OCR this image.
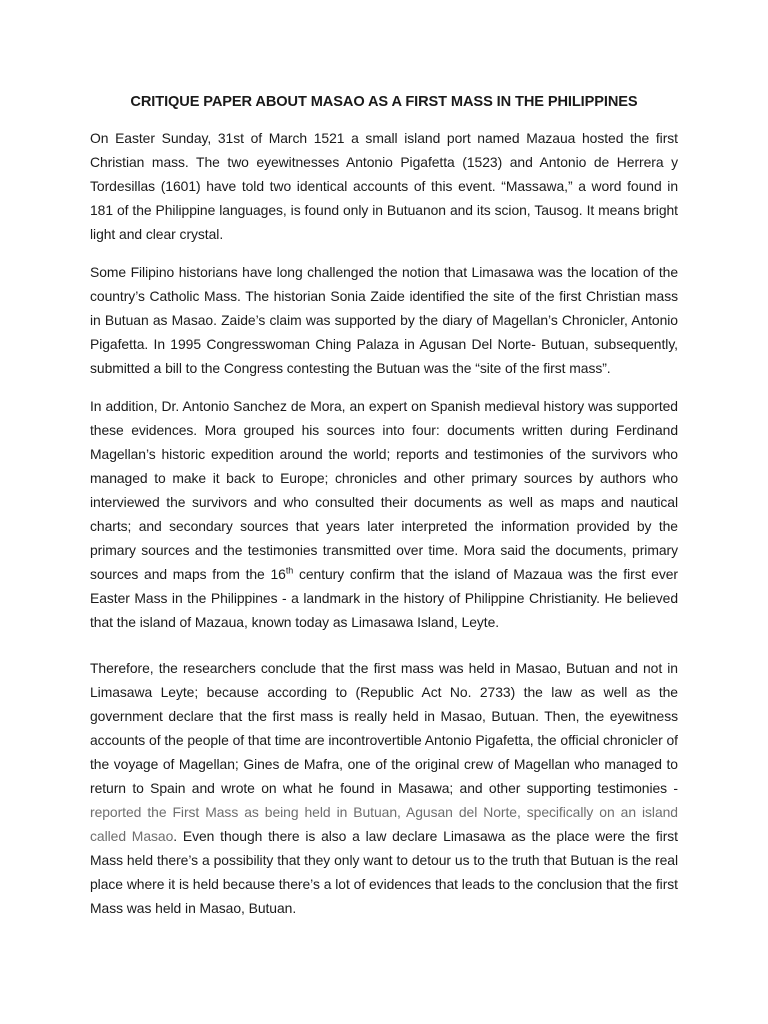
CRITIQUE PAPER ABOUT MASAO AS A FIRST MASS IN THE PHILIPPINES

On Easter Sunday, 31st of March 1521 a small island port named Mazaua hosted the first Christian mass. The two eyewitnesses Antonio Pigafetta (1523) and Antonio de Herrera y Tordesillas (1601) have told two identical accounts of this event. “Massawa,” a word found in 181 of the Philippine languages, is found only in Butuanon and its scion, Tausog. It means bright light and clear crystal.

Some Filipino historians have long challenged the notion that Limasawa was the location of the country’s Catholic Mass. The historian Sonia Zaide identified the site of the first Christian mass in Butuan as Masao. Zaide’s claim was supported by the diary of Magellan’s Chronicler, Antonio Pigafetta. In 1995 Congresswoman Ching Palaza in Agusan Del Norte- Butuan, subsequently, submitted a bill to the Congress contesting the Butuan was the “site of the first mass”.

In addition, Dr. Antonio Sanchez de Mora, an expert on Spanish medieval history was supported these evidences. Mora grouped his sources into four: documents written during Ferdinand Magellan’s historic expedition around the world; reports and testimonies of the survivors who managed to make it back to Europe; chronicles and other primary sources by authors who interviewed the survivors and who consulted their documents as well as maps and nautical charts; and secondary sources that years later interpreted the information provided by the primary sources and the testimonies transmitted over time. Mora said the documents, primary sources and maps from the 16th century confirm that the island of Mazaua was the first ever Easter Mass in the Philippines - a landmark in the history of Philippine Christianity. He believed that the island of Mazaua, known today as Limasawa Island, Leyte.

Therefore, the researchers conclude that the first mass was held in Masao, Butuan and not in Limasawa Leyte; because according to (Republic Act No. 2733) the law as well as the government declare that the first mass is really held in Masao, Butuan. Then, the eyewitness accounts of the people of that time are incontrovertible Antonio Pigafetta, the official chronicler of the voyage of Magellan; Gines de Mafra, one of the original crew of Magellan who managed to return to Spain and wrote on what he found in Masawa; and other supporting testimonies - reported the First Mass as being held in Butuan, Agusan del Norte, specifically on an island called Masao. Even though there is also a law declare Limasawa as the place were the first Mass held there’s a possibility that they only want to detour us to the truth that Butuan is the real place where it is held because there’s a lot of evidences that leads to the conclusion that the first Mass was held in Masao, Butuan.
